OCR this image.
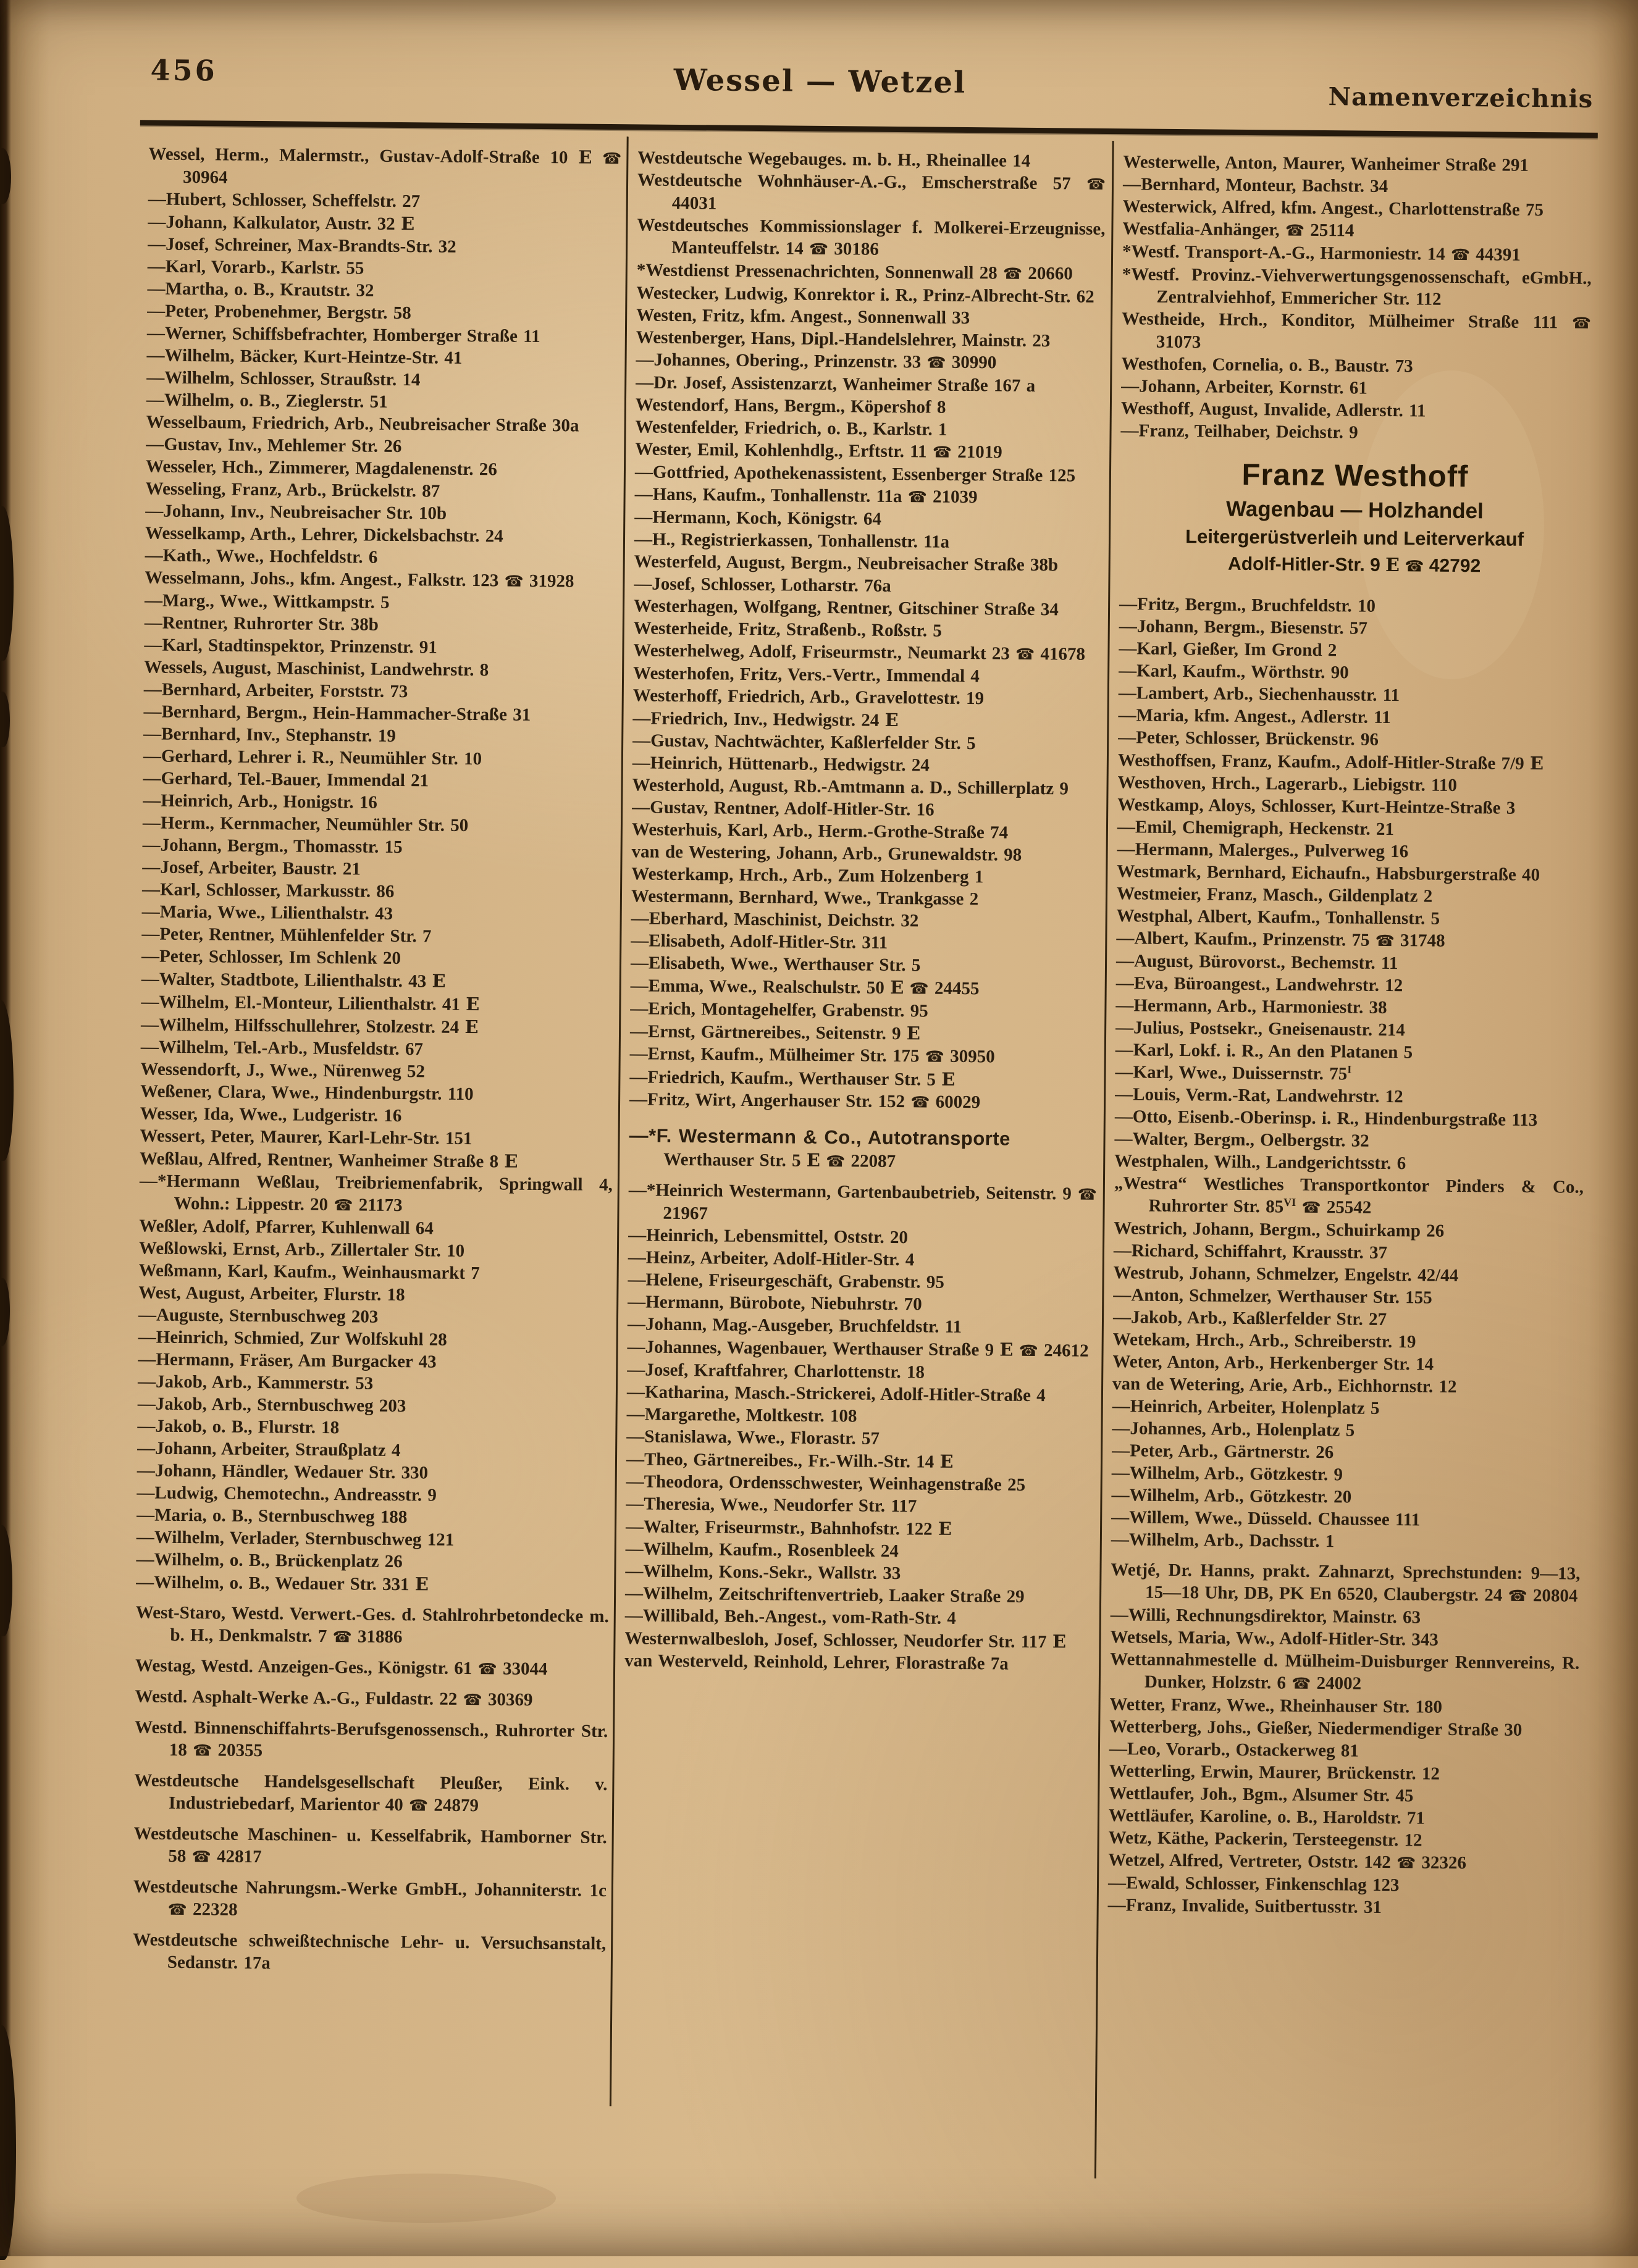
456	Wessel — Wetzel	Namenverzeichnis

Wessel, Herm., Malermstr., Gustav-Adolf-Straße 10 E ☎ 30964

—Hubert, Schlosser, Scheffelstr. 27

—Johann, Kalkulator, Austr. 32 E

—Josef, Schreiner, Max-Brandts-Str. 32

—Karl, Vorarb., Karlstr. 55

—Martha, o. B., Krautstr. 32

—Peter, Probenehmer, Bergstr. 58

—Werner, Schiffsbefrachter, Homberger Straße 11

—Wilhelm, Bäcker, Kurt-Heintze-Str. 41

—Wilhelm, Schlosser, Straußstr. 14

—Wilhelm, o. B., Zieglerstr. 51

Wesselbaum, Friedrich, Arb., Neubreisacher Straße 30a

—Gustav, Inv., Mehlemer Str. 26

Wesseler, Hch., Zimmerer, Magdalenenstr. 26

Wesseling, Franz, Arb., Brückelstr. 87

—Johann, Inv., Neubreisacher Str. 10b

Wesselkamp, Arth., Lehrer, Dickelsbachstr. 24

—Kath., Wwe., Hochfeldstr. 6

Wesselmann, Johs., kfm. Angest., Falkstr. 123 ☎ 31928

—Marg., Wwe., Wittkampstr. 5

—Rentner, Ruhrorter Str. 38b

—Karl, Stadtinspektor, Prinzenstr. 91

Wessels, August, Maschinist, Landwehrstr. 8

—Bernhard, Arbeiter, Forststr. 73

—Bernhard, Bergm., Hein-Hammacher-Straße 31

—Bernhard, Inv., Stephanstr. 19

—Gerhard, Lehrer i. R., Neumühler Str. 10

—Gerhard, Tel.-Bauer, Immendal 21

—Heinrich, Arb., Honigstr. 16

—Herm., Kernmacher, Neumühler Str. 50

—Johann, Bergm., Thomasstr. 15

—Josef, Arbeiter, Baustr. 21

—Karl, Schlosser, Markusstr. 86

—Maria, Wwe., Lilienthalstr. 43

—Peter, Rentner, Mühlenfelder Str. 7

—Peter, Schlosser, Im Schlenk 20

—Walter, Stadtbote, Lilienthalstr. 43 E

—Wilhelm, El.-Monteur, Lilienthalstr. 41 E

—Wilhelm, Hilfsschullehrer, Stolzestr. 24 E

—Wilhelm, Tel.-Arb., Musfeldstr. 67

Wessendorft, J., Wwe., Nürenweg 52

Weßener, Clara, Wwe., Hindenburgstr. 110

Wesser, Ida, Wwe., Ludgeristr. 16

Wessert, Peter, Maurer, Karl-Lehr-Str. 151

Weßlau, Alfred, Rentner, Wanheimer Straße 8 E

—*Hermann Weßlau, Treibriemenfabrik, Springwall 4, Wohn.: Lippestr. 20 ☎ 21173

Weßler, Adolf, Pfarrer, Kuhlenwall 64

Weßlowski, Ernst, Arb., Zillertaler Str. 10

Weßmann, Karl, Kaufm., Weinhausmarkt 7

West, August, Arbeiter, Flurstr. 18

—Auguste, Sternbuschweg 203

—Heinrich, Schmied, Zur Wolfskuhl 28

—Hermann, Fräser, Am Burgacker 43

—Jakob, Arb., Kammerstr. 53

—Jakob, Arb., Sternbuschweg 203

—Jakob, o. B., Flurstr. 18

—Johann, Arbeiter, Straußplatz 4

—Johann, Händler, Wedauer Str. 330

—Ludwig, Chemotechn., Andreasstr. 9

—Maria, o. B., Sternbuschweg 188

—Wilhelm, Verlader, Sternbuschweg 121

—Wilhelm, o. B., Brückenplatz 26

—Wilhelm, o. B., Wedauer Str. 331 E

West-Staro, Westd. Verwert.-Ges. d. Stahlrohrbetondecke m. b. H., Denkmalstr. 7 ☎ 31886

Westag, Westd. Anzeigen-Ges., Königstr. 61 ☎ 33044

Westd. Asphalt-Werke A.-G., Fuldastr. 22 ☎ 30369

Westd. Binnenschiffahrts-Berufsgenossensch., Ruhrorter Str. 18 ☎ 20355

Westdeutsche Handelsgesellschaft Pleußer, Eink. v. Industriebedarf, Marientor 40 ☎ 24879

Westdeutsche Maschinen- u. Kesselfabrik, Hamborner Str. 58 ☎ 42817

Westdeutsche Nahrungsm.-Werke GmbH., Johanniterstr. 1c ☎ 22328

Westdeutsche schweißtechnische Lehr- u. Versuchsanstalt, Sedanstr. 17a

Westdeutsche Wegebauges. m. b. H., Rheinallee 14

Westdeutsche Wohnhäuser-A.-G., Emscherstraße 57 ☎ 44031

Westdeutsches Kommissionslager f. Molkerei-Erzeugnisse, Manteuffelstr. 14 ☎ 30186

*Westdienst Pressenachrichten, Sonnenwall 28 ☎ 20660

Westecker, Ludwig, Konrektor i. R., Prinz-Albrecht-Str. 62

Westen, Fritz, kfm. Angest., Sonnenwall 33

Westenberger, Hans, Dipl.-Handelslehrer, Mainstr. 23

—Johannes, Obering., Prinzenstr. 33 ☎ 30990

—Dr. Josef, Assistenzarzt, Wanheimer Straße 167 a

Westendorf, Hans, Bergm., Köpershof 8

Westenfelder, Friedrich, o. B., Karlstr. 1

Wester, Emil, Kohlenhdlg., Erftstr. 11 ☎ 21019

—Gottfried, Apothekenassistent, Essenberger Straße 125

—Hans, Kaufm., Tonhallenstr. 11a ☎ 21039

—Hermann, Koch, Königstr. 64

—H., Registrierkassen, Tonhallenstr. 11a

Westerfeld, August, Bergm., Neubreisacher Straße 38b

—Josef, Schlosser, Lotharstr. 76a

Westerhagen, Wolfgang, Rentner, Gitschiner Straße 34

Westerheide, Fritz, Straßenb., Roßstr. 5

Westerhelweg, Adolf, Friseurmstr., Neumarkt 23 ☎ 41678

Westerhofen, Fritz, Vers.-Vertr., Immendal 4

Westerhoff, Friedrich, Arb., Gravelottestr. 19

—Friedrich, Inv., Hedwigstr. 24 E

—Gustav, Nachtwächter, Kaßlerfelder Str. 5

—Heinrich, Hüttenarb., Hedwigstr. 24

Westerhold, August, Rb.-Amtmann a. D., Schillerplatz 9

—Gustav, Rentner, Adolf-Hitler-Str. 16

Westerhuis, Karl, Arb., Herm.-Grothe-Straße 74

van de Westering, Johann, Arb., Grunewaldstr. 98

Westerkamp, Hrch., Arb., Zum Holzenberg 1

Westermann, Bernhard, Wwe., Trankgasse 2

—Eberhard, Maschinist, Deichstr. 32

—Elisabeth, Adolf-Hitler-Str. 311

—Elisabeth, Wwe., Werthauser Str. 5

—Emma, Wwe., Realschulstr. 50 E ☎ 24455

—Erich, Montagehelfer, Grabenstr. 95

—Ernst, Gärtnereibes., Seitenstr. 9 E

—Ernst, Kaufm., Mülheimer Str. 175 ☎ 30950

—Friedrich, Kaufm., Werthauser Str. 5 E

—Fritz, Wirt, Angerhauser Str. 152 ☎ 60029

—*F. Westermann & Co., Autotransporte
Werthauser Str. 5 E ☎ 22087

—*Heinrich Westermann, Gartenbaubetrieb, Seitenstr. 9 ☎ 21967

—Heinrich, Lebensmittel, Oststr. 20

—Heinz, Arbeiter, Adolf-Hitler-Str. 4

—Helene, Friseurgeschäft, Grabenstr. 95

—Hermann, Bürobote, Niebuhrstr. 70

—Johann, Mag.-Ausgeber, Bruchfeldstr. 11

—Johannes, Wagenbauer, Werthauser Straße 9 E ☎ 24612

—Josef, Kraftfahrer, Charlottenstr. 18

—Katharina, Masch.-Strickerei, Adolf-Hitler-Straße 4

—Margarethe, Moltkestr. 108

—Stanislawa, Wwe., Florastr. 57

—Theo, Gärtnereibes., Fr.-Wilh.-Str. 14 E

—Theodora, Ordensschwester, Weinhagenstraße 25

—Theresia, Wwe., Neudorfer Str. 117

—Walter, Friseurmstr., Bahnhofstr. 122 E

—Wilhelm, Kaufm., Rosenbleek 24

—Wilhelm, Kons.-Sekr., Wallstr. 33

—Wilhelm, Zeitschriftenvertrieb, Laaker Straße 29

—Willibald, Beh.-Angest., vom-Rath-Str. 4

Westernwalbesloh, Josef, Schlosser, Neudorfer Str. 117 E

van Westerveld, Reinhold, Lehrer, Florastraße 7a

Westerwelle, Anton, Maurer, Wanheimer Straße 291

—Bernhard, Monteur, Bachstr. 34

Westerwick, Alfred, kfm. Angest., Charlottenstraße 75

Westfalia-Anhänger, ☎ 25114

*Westf. Transport-A.-G., Harmoniestr. 14 ☎ 44391

*Westf. Provinz.-Viehverwertungsgenossenschaft, eGmbH., Zentralviehhof, Emmericher Str. 112

Westheide, Hrch., Konditor, Mülheimer Straße 111 ☎ 31073

Westhofen, Cornelia, o. B., Baustr. 73

—Johann, Arbeiter, Kornstr. 61

Westhoff, August, Invalide, Adlerstr. 11

—Franz, Teilhaber, Deichstr. 9

Franz Westhoff
Wagenbau — Holzhandel
Leitergerüstverleih und Leiterverkauf
Adolf-Hitler-Str. 9 E ☎ 42792

—Fritz, Bergm., Bruchfeldstr. 10

—Johann, Bergm., Biesenstr. 57

—Karl, Gießer, Im Grond 2

—Karl, Kaufm., Wörthstr. 90

—Lambert, Arb., Siechenhausstr. 11

—Maria, kfm. Angest., Adlerstr. 11

—Peter, Schlosser, Brückenstr. 96

Westhoffsen, Franz, Kaufm., Adolf-Hitler-Straße 7/9 E

Westhoven, Hrch., Lagerarb., Liebigstr. 110

Westkamp, Aloys, Schlosser, Kurt-Heintze-Straße 3

—Emil, Chemigraph, Heckenstr. 21

—Hermann, Malerges., Pulverweg 16

Westmark, Bernhard, Eichaufn., Habsburgerstraße 40

Westmeier, Franz, Masch., Gildenplatz 2

Westphal, Albert, Kaufm., Tonhallenstr. 5

—Albert, Kaufm., Prinzenstr. 75 ☎ 31748

—August, Bürovorst., Bechemstr. 11

—Eva, Büroangest., Landwehrstr. 12

—Hermann, Arb., Harmoniestr. 38

—Julius, Postsekr., Gneisenaustr. 214

—Karl, Lokf. i. R., An den Platanen 5

—Karl, Wwe., Duissernstr. $75^I$

—Louis, Verm.-Rat, Landwehrstr. 12

—Otto, Eisenb.-Oberinsp. i. R., Hindenburgstraße 113

—Walter, Bergm., Oelbergstr. 32

Westphalen, Wilh., Landgerichtsstr. 6

„Westra“ Westliches Transportkontor Pinders & Co., Ruhrorter Str. $85^{VI}$ ☎ 25542

Westrich, Johann, Bergm., Schuirkamp 26

—Richard, Schiffahrt, Krausstr. 37

Westrub, Johann, Schmelzer, Engelstr. 42/44

—Anton, Schmelzer, Werthauser Str. 155

—Jakob, Arb., Kaßlerfelder Str. 27

Wetekam, Hrch., Arb., Schreiberstr. 19

Weter, Anton, Arb., Herkenberger Str. 14

van de Wetering, Arie, Arb., Eichhornstr. 12

—Heinrich, Arbeiter, Holenplatz 5

—Johannes, Arb., Holenplatz 5

—Peter, Arb., Gärtnerstr. 26

—Wilhelm, Arb., Götzkestr. 9

—Wilhelm, Arb., Götzkestr. 20

—Willem, Wwe., Düsseld. Chaussee 111

—Wilhelm, Arb., Dachsstr. 1

Wetjé, Dr. Hanns, prakt. Zahnarzt, Sprechstunden: 9—13, 15—18 Uhr, DB, PK En 6520, Claubergstr. 24 ☎ 20804

—Willi, Rechnungsdirektor, Mainstr. 63

Wetsels, Maria, Ww., Adolf-Hitler-Str. 343

Wettannahmestelle d. Mülheim-Duisburger Rennvereins, R. Dunker, Holzstr. 6 ☎ 24002

Wetter, Franz, Wwe., Rheinhauser Str. 180

Wetterberg, Johs., Gießer, Niedermendiger Straße 30

—Leo, Vorarb., Ostackerweg 81

Wetterling, Erwin, Maurer, Brückenstr. 12

Wettlaufer, Joh., Bgm., Alsumer Str. 45

Wettläufer, Karoline, o. B., Haroldstr. 71

Wetz, Käthe, Packerin, Tersteegenstr. 12

Wetzel, Alfred, Vertreter, Oststr. 142 ☎ 32326

—Ewald, Schlosser, Finkenschlag 123

—Franz, Invalide, Suitbertusstr. 31
